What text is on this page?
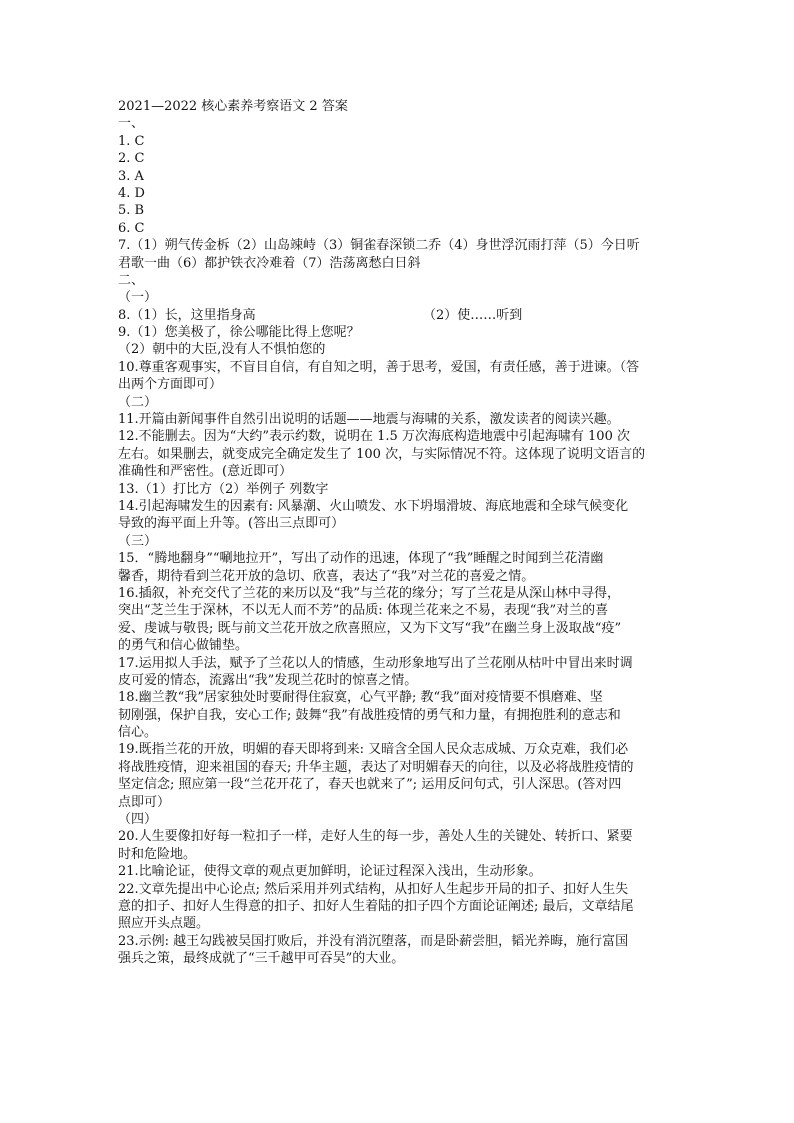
2021—2022 核心素养考察语文 2 答案
一、
1. C
2. C
3. A
4. D
5. B
6. C
7.（1）朔气传金柝（2）山岛竦峙（3）铜雀春深锁二乔（4）身世浮沉雨打萍（5）今日听
君歌一曲（6）都护铁衣冷难着（7）浩荡离愁白日斜
二、
（一）
8.（1）长，这里指身高	（2）使……听到
9.（1）您美极了，徐公哪能比得上您呢？
（2）朝中的大臣,没有人不惧怕您的
10.尊重客观事实，不盲目自信，有自知之明，善于思考，爱国，有责任感，善于进谏。（答
出两个方面即可）
（二）
11.开篇由新闻事件自然引出说明的话题——地震与海啸的关系，激发读者的阅读兴趣。
12.不能删去。因为“大约”表示约数，说明在 1.5 万次海底构造地震中引起海啸有 100 次
左右。如果删去，就变成完全确定发生了 100 次，与实际情况不符。这体现了说明文语言的
准确性和严密性。(意近即可）
13.（1）打比方（2）举例子 列数字
14.引起海啸发生的因素有: 风暴潮、火山喷发、水下坍塌滑坡、海底地震和全球气候变化
导致的海平面上升等。(答出三点即可）
（三）
15．“腾地翻身”“唰地拉开”，写出了动作的迅速，体现了“我”睡醒之时闻到兰花清幽
馨香，期待看到兰花开放的急切、欣喜，表达了“我”对兰花的喜爱之情。
16.插叙，补充交代了兰花的来历以及“我”与兰花的缘分；写了兰花是从深山林中寻得，
突出“芝兰生于深林，不以无人而不芳”的品质: 体现兰花来之不易，表现“我”对兰的喜
爱、虔诚与敬畏; 既与前文兰花开放之欣喜照应，又为下文写“我”在幽兰身上汲取战“疫”
的勇气和信心做铺垫。
17.运用拟人手法，赋予了兰花以人的情感，生动形象地写出了兰花刚从枯叶中冒出来时调
皮可爱的情态，流露出“我”发现兰花时的惊喜之情。
18.幽兰教“我”居家独处时要耐得住寂寞，心气平静; 教“我”面对疫情要不惧磨难、坚
韧刚强，保护自我，安心工作; 鼓舞“我”有战胜疫情的勇气和力量，有拥抱胜利的意志和
信心。
19.既指兰花的开放，明媚的春天即将到来: 又暗含全国人民众志成城、万众克难，我们必
将战胜疫情，迎来祖国的春天; 升华主题，表达了对明媚春天的向往，以及必将战胜疫情的
坚定信念; 照应第一段“兰花开花了，春天也就来了”; 运用反问句式，引人深思。(答对四
点即可）
（四）
20.人生要像扣好每一粒扣子一样，走好人生的每一步，善处人生的关键处、转折口、紧要
时和危险地。
21.比喻论证，使得文章的观点更加鲜明，论证过程深入浅出，生动形象。
22.文章先提出中心论点; 然后采用并列式结构，从扣好人生起步开局的扣子、扣好人生失
意的扣子、扣好人生得意的扣子、扣好人生着陆的扣子四个方面论证阐述; 最后，文章结尾
照应开头点题。
23.示例: 越王勾践被吴国打败后，并没有消沉堕落，而是卧薪尝胆，韬光养晦，施行富国
强兵之策，最终成就了“三千越甲可吞吴”的大业。
